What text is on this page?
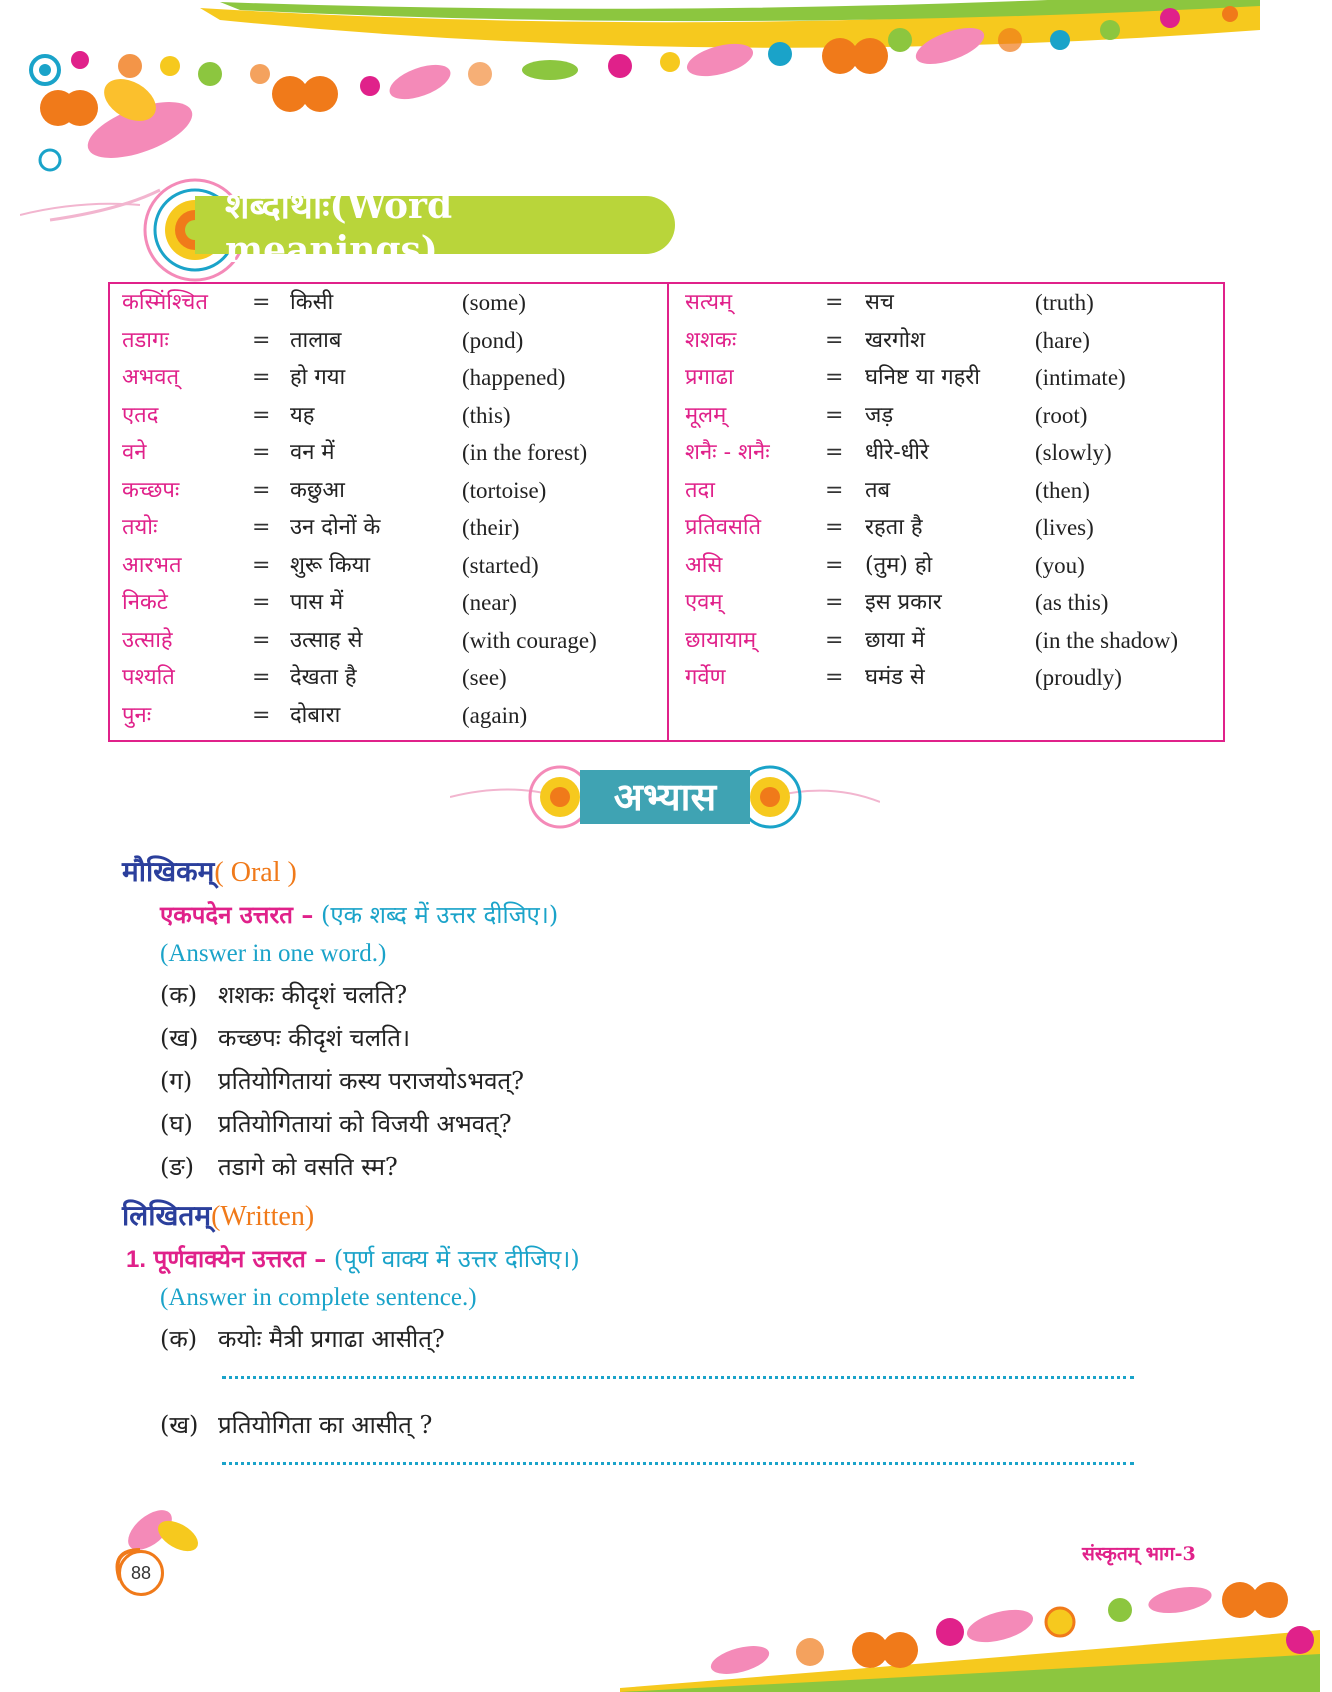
शब्दार्थाः(Word meanings)
कस्मिंश्चित = किसी	(some)
तडागः	= तालाब	(pond)
अभवत्	= हो गया	(happened)
एतद	= यह	(this)
वने	= वन में	(in the forest)
कच्छपः	= कछुआ	(tortoise)
तयोः	= उन दोनों के	(their)
आरभत	= शुरू किया	(started)
निकटे	= पास में	(near)
उत्साहे	= उत्साह से	(with courage)
पश्यति	= देखता है	(see)
पुनः	= दोबारा	(again)
सत्यम्	= सच	(truth)
शशकः	= खरगोश	(hare)
प्रगाढा	= घनिष्ट या गहरी (intimate)
मूलम्	= जड़	(root)
शनैः - शनैः	= धीरे-धीरे	(slowly)
तदा	= तब	(then)
प्रतिवसति	= रहता है	(lives)
असि	= (तुम) हो	(you)
एवम्	= इस प्रकार	(as this)
छायायाम्	= छाया में	(in the shadow)
गर्वेण	= घमंड से	(proudly)
अभ्यास
मौखिकम्( Oral )
एकपदेन उत्तरत – (एक शब्द में उत्तर दीजिए।)
(Answer in one word.)
(क) शशकः कीदृशं चलति?
(ख) कच्छपः कीदृशं चलति।
(ग) प्रतियोगितायां कस्य पराजयोऽभवत्?
(घ) प्रतियोगितायां को विजयी अभवत्?
(ङ) तडागे को वसति स्म?
लिखितम्(Written)
1. पूर्णवाक्येन उत्तरत – (पूर्ण वाक्य में उत्तर दीजिए।)
(Answer in complete sentence.)
(क) कयोः मैत्री प्रगाढा आसीत्?
(ख) प्रतियोगिता का आसीत् ?
88
संस्कृतम् भाग-3
